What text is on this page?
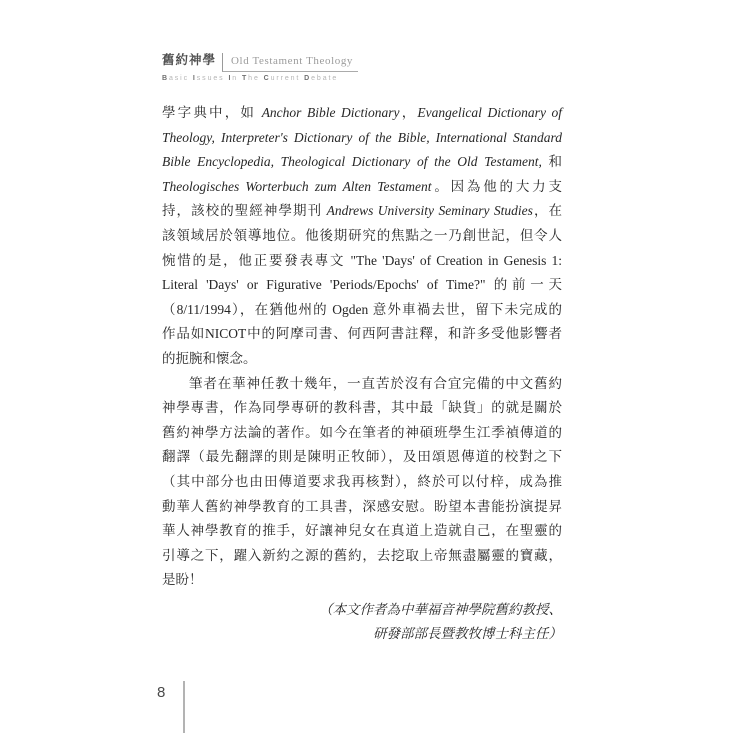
舊約神學	Old Testament Theology
Basic Issues In The Current Debate
學字典中，如 Anchor Bible Dictionary，Evangelical Dictionary of
Theology, Interpreter's Dictionary of the Bible, International Standard
Bible Encyclopedia, Theological Dictionary of the Old Testament, 和
Theologisches Worterbuch zum Alten Testament。因為他的大力支
持，該校的聖經神學期刊 Andrews University Seminary Studies，在
該領域居於領導地位。他後期研究的焦點之一乃創世記，但令人
惋惜的是，他正要發表專文 "The 'Days' of Creation in Genesis 1:
Literal 'Days' or Figurative 'Periods/Epochs' of Time?" 的前一天
（8/11/1994），在猶他州的 Ogden 意外車禍去世，留下未完成的
作品如NICOT中的阿摩司書、何西阿書註釋，和許多受他影響者
的扼腕和懷念。
筆者在華神任教十幾年，一直苦於沒有合宜完備的中文舊約
神學專書，作為同學專研的教科書，其中最「缺貨」的就是關於
舊約神學方法論的著作。如今在筆者的神碩班學生江季禎傳道的
翻譯（最先翻譯的則是陳明正牧師），及田頌恩傳道的校對之下
（其中部分也由田傳道要求我再核對），終於可以付梓，成為推
動華人舊約神學教育的工具書，深感安慰。盼望本書能扮演提昇
華人神學教育的推手，好讓神兒女在真道上造就自己，在聖靈的
引導之下，躍入新約之源的舊約，去挖取上帝無盡屬靈的寶藏，
是盼！
（本文作者為中華福音神學院舊約教授、
研發部部長暨教牧博士科主任）
8
